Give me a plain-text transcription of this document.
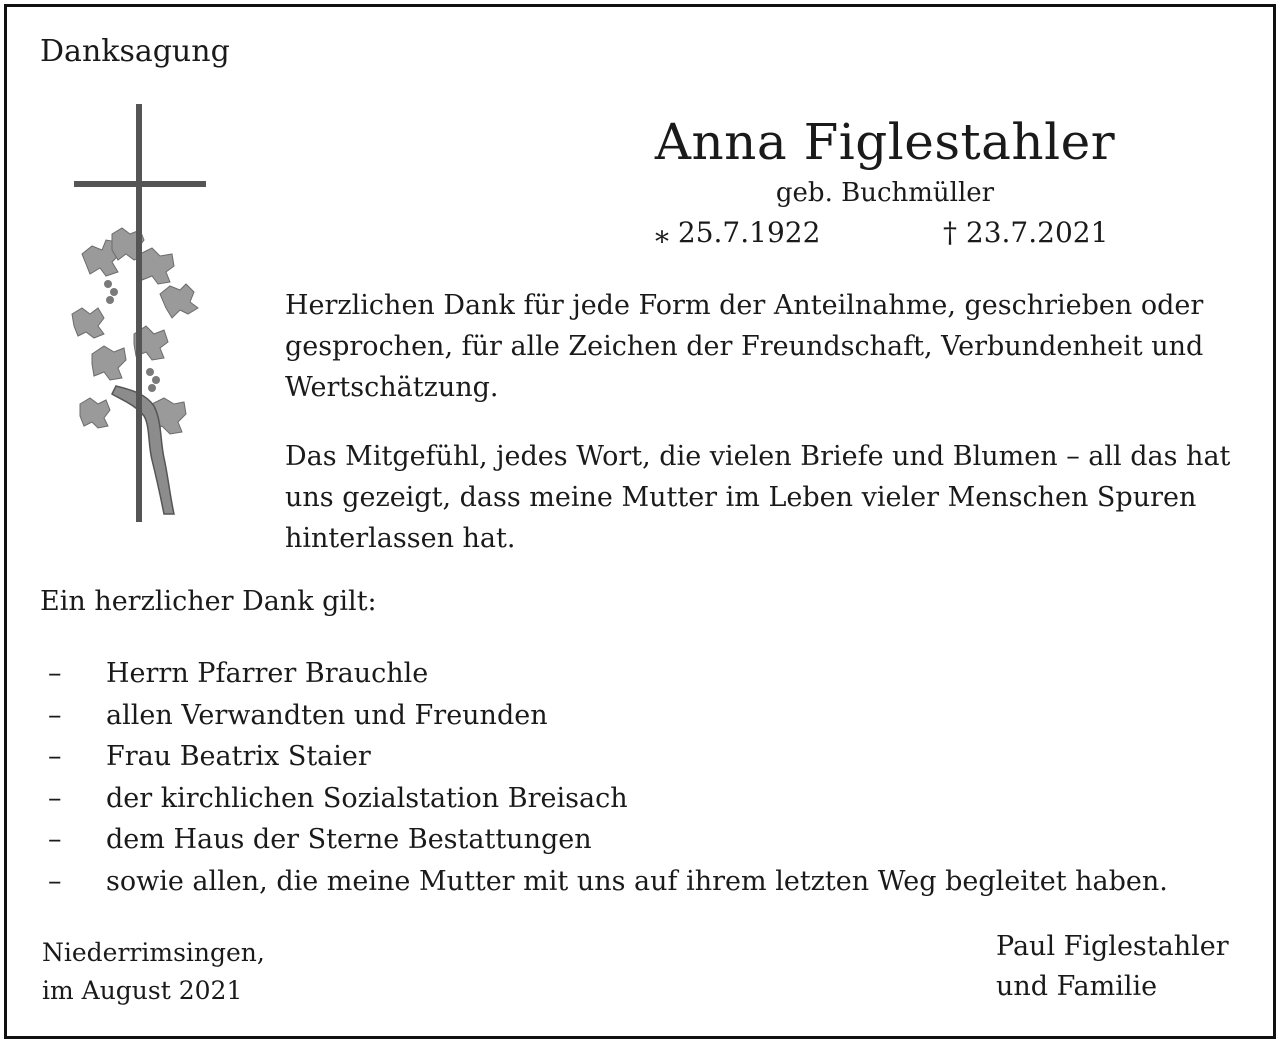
Danksagung
Anna Figlestahler
geb. Buchmüller
⁎ 25.7.1922	† 23.7.2021
Herzlichen Dank für jede Form der Anteilnahme, geschrieben oder gesprochen, für alle Zeichen der Freundschaft, Verbundenheit und Wertschätzung.
Das Mitgefühl, jedes Wort, die vielen Briefe und Blumen – all das hat uns gezeigt, dass meine Mutter im Leben vieler Menschen Spuren hinterlassen hat.
Ein herzlicher Dank gilt:
– Herrn Pfarrer Brauchle
– allen Verwandten und Freunden
– Frau Beatrix Staier
– der kirchlichen Sozialstation Breisach
– dem Haus der Sterne Bestattungen
– sowie allen, die meine Mutter mit uns auf ihrem letzten Weg begleitet haben.
Niederrimsingen,
im August 2021
Paul Figlestahler
und Familie
